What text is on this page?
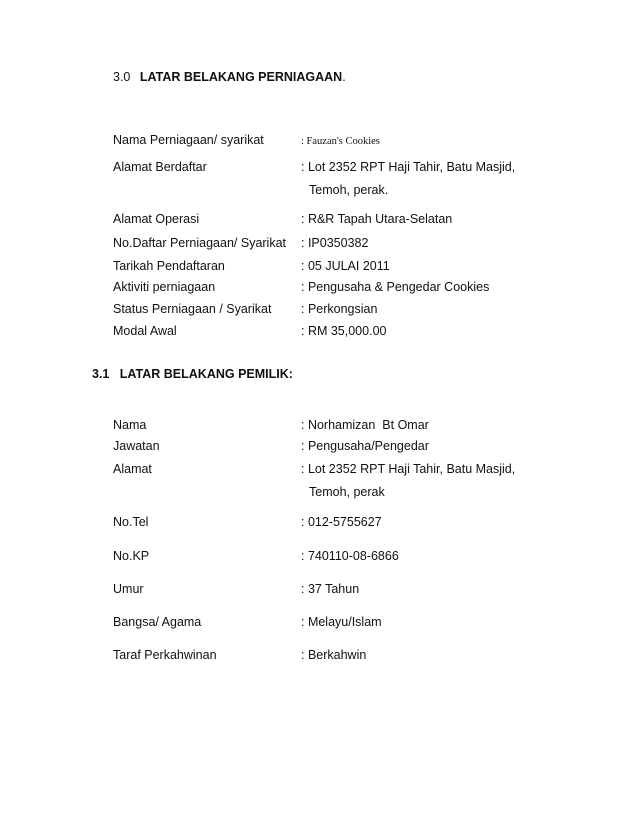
3.0 LATAR BELAKANG PERNIAGAAN.
Nama Perniagaan/ syarikat	: Fauzan's Cookies
Alamat Berdaftar	: Lot 2352 RPT Haji Tahir, Batu Masjid,
Temoh, perak.
Alamat Operasi	: R&R Tapah Utara-Selatan
No.Daftar Perniagaan/ Syarikat : IP0350382
Tarikah Pendaftaran	: 05 JULAI 2011
Aktiviti perniagaan	: Pengusaha & Pengedar Cookies
Status Perniagaan / Syarikat : Perkongsian
Modal Awal	: RM 35,000.00
3.1   LATAR BELAKANG PEMILIK:
Nama	: Norhamizan  Bt Omar
Jawatan	: Pengusaha/Pengedar
Alamat	: Lot 2352 RPT Haji Tahir, Batu Masjid,
Temoh, perak
No.Tel	: 012-5755627
No.KP	: 740110-08-6866
Umur	: 37 Tahun
Bangsa/ Agama	: Melayu/Islam
Taraf Perkahwinan	: Berkahwin
